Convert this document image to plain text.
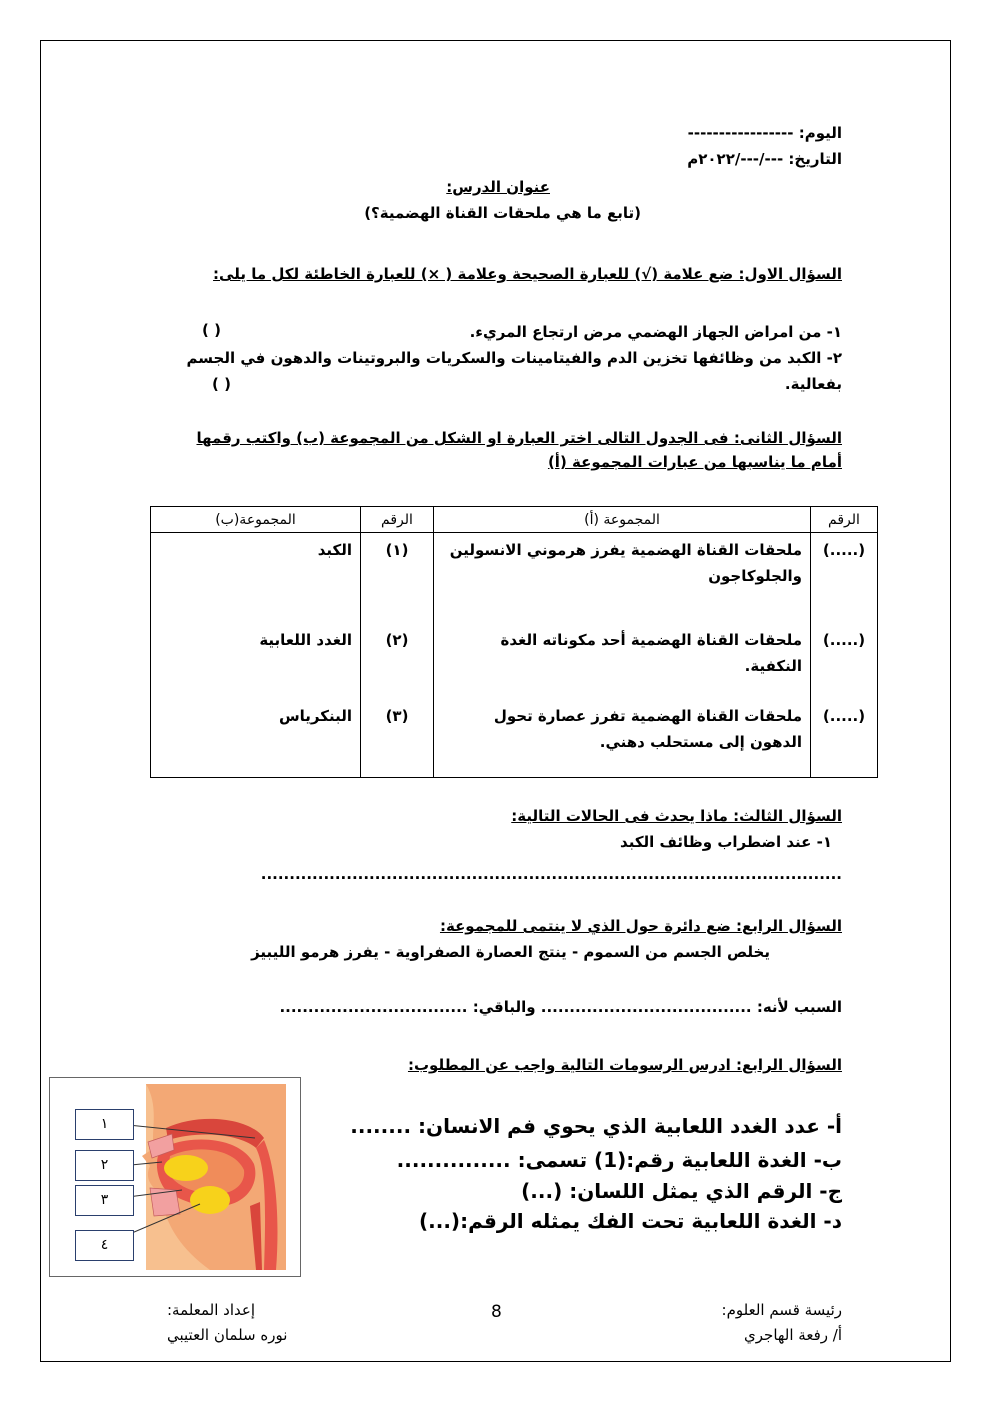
اليوم: -----------------
التاريخ: ---/---/٢٠٢٢م
عنوان الدرس:
(تابع ما هي ملحقات القناة الهضمية؟)
السؤال الاول: ضع علامة (√) للعبارة الصحيحة وعلامة ( ×) للعبارة الخاطئة لكل ما يلى:
١- من امراض الجهاز الهضمي مرض ارتجاع المريء.
( )
٢- الكبد من وظائفها تخزين الدم والفيتامينات والسكريات والبروتينات والدهون في الجسم
بفعالية.
( )
السؤال الثانى: فى الجدول التالى اختر العبارة او الشكل من المجموعة (ب) واكتب رقمها
أمام ما يناسبها من عبارات المجموعة (أ)
الرقم	المجموعة (أ)	الرقم	المجموعة(ب)
(.....)	ملحقات القناة الهضمية يفرز هرموني الانسولين والجلوكاجون	(١)	الكبد
(.....)	ملحقات القناة الهضمية أحد مكوناته الغدة النكفية.	(٢)	الغدد اللعابية
(.....)	ملحقات القناة الهضمية تفرز عصارة تحول الدهون إلى مستحلب دهني.	(٣)	البنكرياس
السؤال الثالث: ماذا يحدث فى الحالات التالية:
١- عند اضطراب وظائف الكبد
......................................................................................................
السؤال الرابع: ضع دائرة حول الذي لا ينتمى للمجموعة:
يخلص الجسم من السموم - ينتج العصارة الصفراوية - يفرز هرمو الليبيز
السبب لأنه: ..................................... والباقي: .................................
السؤال الرابع: ادرس الرسومات التالية واجب عن المطلوب:
أ- عدد الغدد اللعابية الذي يحوي فم الانسان: ........
ب- الغدة اللعابية رقم:(1) تسمى: ...............
ج- الرقم الذي يمثل اللسان: (...)
د- الغدة اللعابية تحت الفك يمثله الرقم:(...)
١
٢
٣
٤
رئيسة قسم العلوم:
أ/ رفعة الهاجري
8
إعداد المعلمة:
نوره سلمان العتيبي
